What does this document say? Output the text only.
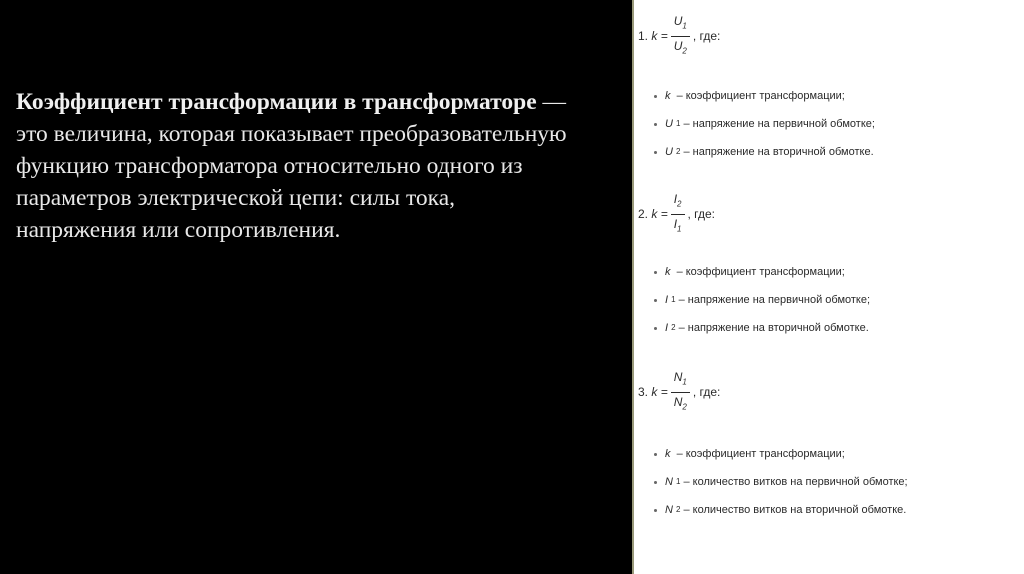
Коэффициент трансформации в трансформаторе — это величина, которая показывает преобразовательную функцию трансформатора относительно одного из параметров электрической цепи: силы тока, напряжения или сопротивления.
1.
$k = \frac{U_1}{U_2}$ , где:
k
– коэффициент трансформации;
U 1
– напряжение на первичной обмотке;
U 2
– напряжение на вторичной обмотке.
2.
$k = \frac{I_2}{I_1}$ , где:
k
– коэффициент трансформации;
I 1
– напряжение на первичной обмотке;
I 2
– напряжение на вторичной обмотке.
3.
$k = \frac{N_1}{N_2}$ , где:
k
– коэффициент трансформации;
N 1
– количество витков на первичной обмотке;
N 2
– количество витков на вторичной обмотке.
